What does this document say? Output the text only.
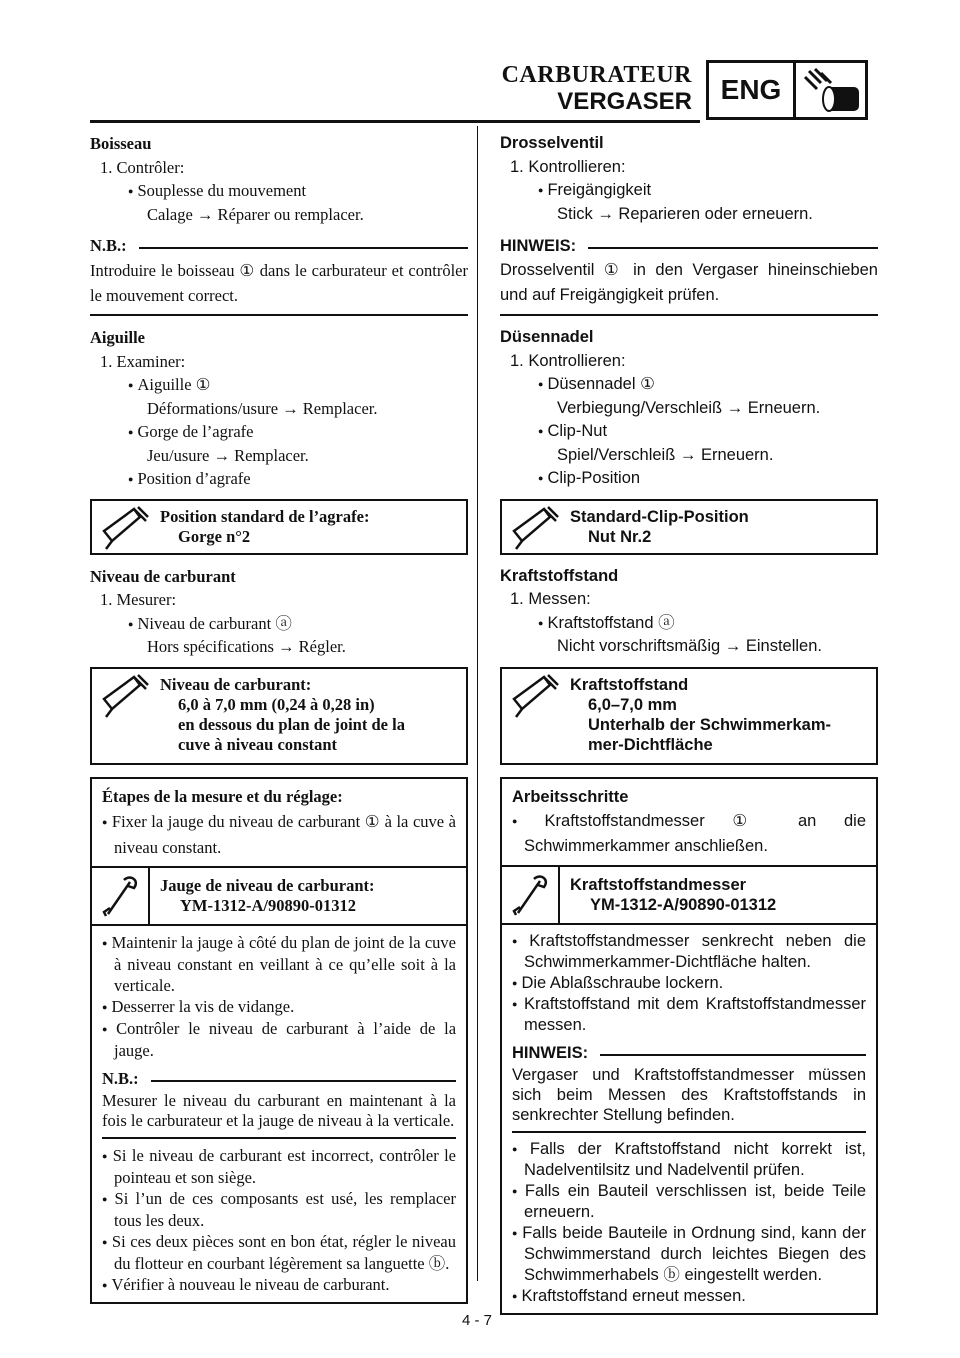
CARBURATEUR
VERGASER	ENG
Boisseau
1. Contrôler:
● Souplesse du mouvement
Calage → Réparer ou remplacer.
N.B.:
Introduire le boisseau ① dans le carburateur et contrôler le mouvement correct.
Aiguille
1. Examiner:
● Aiguille ①
Déformations/usure → Remplacer.
● Gorge de l’agrafe
Jeu/usure → Remplacer.
● Position d’agrafe
Position standard de l’agrafe:
Gorge n°2
Niveau de carburant
1. Mesurer:
● Niveau de carburant ⓐ
Hors spécifications → Régler.
Niveau de carburant:
6,0 à 7,0 mm (0,24 à 0,28 in)
en dessous du plan de joint de la
cuve à niveau constant
Étapes de la mesure et du réglage:
● Fixer la jauge du niveau de carburant ① à la cuve à niveau constant.
Jauge de niveau de carburant:
YM-1312-A/90890-01312
● Maintenir la jauge à côté du plan de joint de la cuve à niveau constant en veillant à ce qu’elle soit à la verticale.
● Desserrer la vis de vidange.
● Contrôler le niveau de carburant à l’aide de la jauge.
N.B.:
Mesurer le niveau du carburant en maintenant à la fois le carburateur et la jauge de niveau à la verticale.
● Si le niveau de carburant est incorrect, contrôler le pointeau et son siège.
● Si l’un de ces composants est usé, les remplacer tous les deux.
● Si ces deux pièces sont en bon état, régler le niveau du flotteur en courbant légèrement sa languette ⓑ.
● Vérifier à nouveau le niveau de carburant.
Drosselventil
1. Kontrollieren:
● Freigängigkeit
Stick → Reparieren oder erneuern.
HINWEIS:
Drosselventil ① in den Vergaser hineinschieben und auf Freigängigkeit prüfen.
Düsennadel
1. Kontrollieren:
● Düsennadel ①
Verbiegung/Verschleiß → Erneuern.
● Clip-Nut
Spiel/Verschleiß → Erneuern.
● Clip-Position
Standard-Clip-Position
Nut Nr.2
Kraftstoffstand
1. Messen:
● Kraftstoffstand ⓐ
Nicht vorschriftsmäßig → Einstellen.
Kraftstoffstand
6,0–7,0 mm
Unterhalb der Schwimmerkam-
mer-Dichtfläche
Arbeitsschritte
● Kraftstoffstandmesser ① an die Schwimmerkammer anschließen.
Kraftstoffstandmesser
YM-1312-A/90890-01312
● Kraftstoffstandmesser senkrecht neben die Schwimmerkammer-Dichtfläche halten.
● Die Ablaßschraube lockern.
● Kraftstoffstand mit dem Kraftstoffstandmesser messen.
HINWEIS:
Vergaser und Kraftstoffstandmesser müssen sich beim Messen des Kraftstoffstands in senkrechter Stellung befinden.
● Falls der Kraftstoffstand nicht korrekt ist, Nadelventilsitz und Nadelventil prüfen.
● Falls ein Bauteil verschlissen ist, beide Teile erneuern.
● Falls beide Bauteile in Ordnung sind, kann der Schwimmerstand durch leichtes Biegen des Schwimmerhabels ⓑ eingestellt werden.
● Kraftstoffstand erneut messen.
4 - 7
